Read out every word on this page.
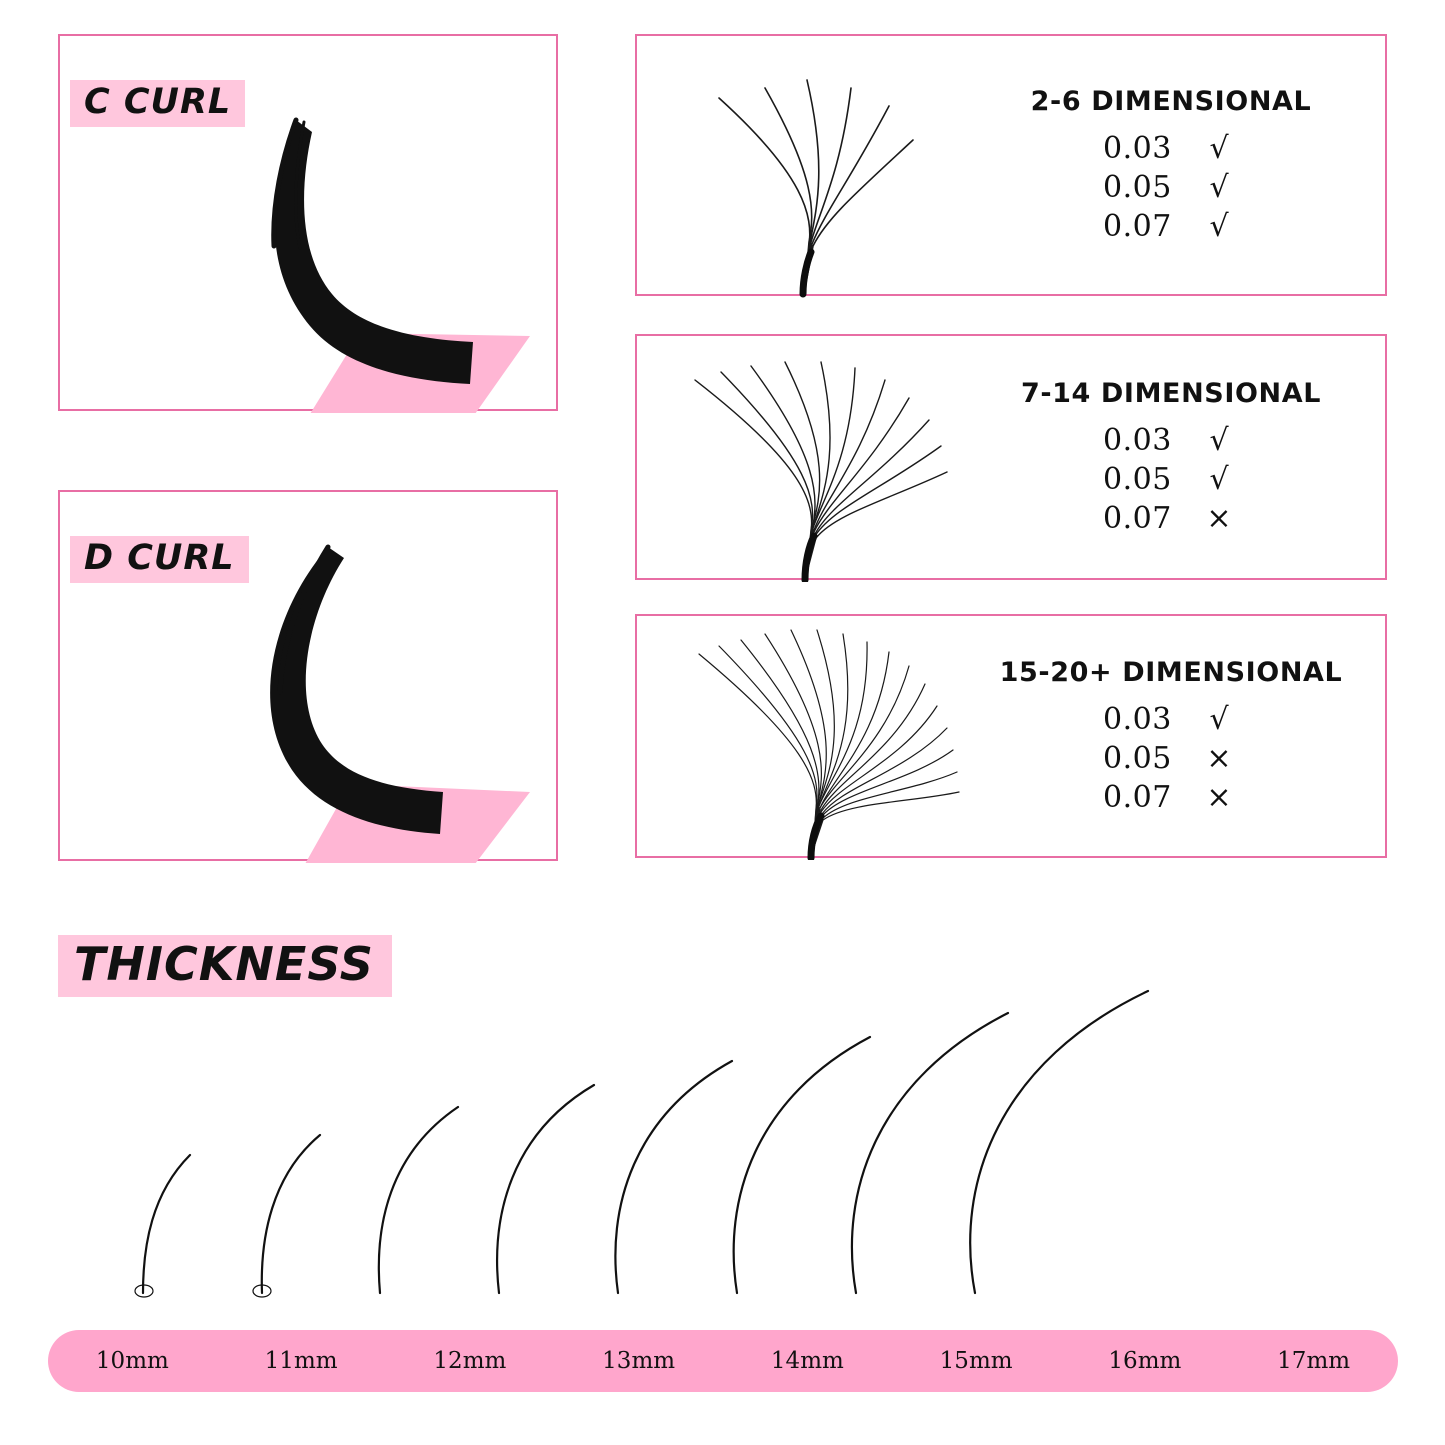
C CURL
D CURL
2-6 DIMENSIONAL
0.03	√
0.05	√
0.07	√
7-14 DIMENSIONAL
0.03	√
0.05	√
0.07	×
15-20+ DIMENSIONAL
0.03	√
0.05	×
0.07	×
THICKNESS
10mm	11mm	12mm	13mm	14mm	15mm	16mm	17mm
